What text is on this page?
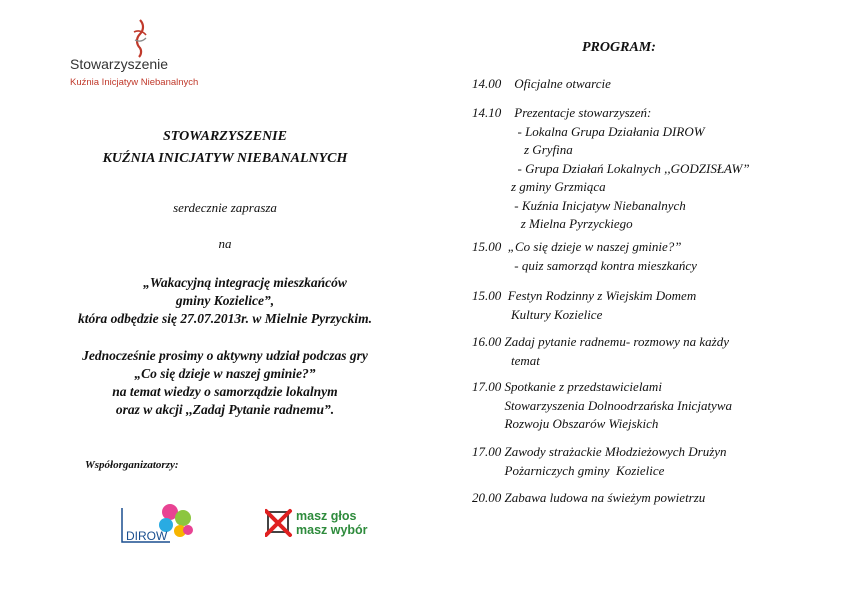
Stowarzyszenie
Kuźnia Inicjatyw Niebanalnych
STOWARZYSZENIE
KUŹNIA INICJATYW NIEBANALNYCH
serdecznie zaprasza
na
„Wakacyjną integrację mieszkańców
gminy Kozielice”,
która odbędzie się 27.07.2013r. w Mielnie Pyrzyckim.
Jednocześnie prosimy o aktywny udział podczas gry
„Co się dzieje w naszej gminie?”
na temat wiedzy o samorządzie lokalnym
oraz w akcji ,,Zadaj Pytanie radnemu”.
Współorganizatorzy:
DIROW
masz głos
masz wybór
PROGRAM:
14.00    Oficjalne otwarcie
14.10    Prezentacje stowarzyszeń:
- Lokalna Grupa Działania DIROW
z Gryfina
- Grupa Działań Lokalnych ,,GODZISŁAW”
z gminy Grzmiąca
- Kuźnia Inicjatyw Niebanalnych
z Mielna Pyrzyckiego
15.00  „Co się dzieje w naszej gminie?”
- quiz samorząd kontra mieszkańcy
15.00  Festyn Rodzinny z Wiejskim Domem
Kultury Kozielice
16.00 Zadaj pytanie radnemu- rozmowy na każdy
temat
17.00 Spotkanie z przedstawicielami
Stowarzyszenia Dolnoodrzańska Inicjatywa
Rozwoju Obszarów Wiejskich
17.00 Zawody strażackie Młodzieżowych Drużyn
Pożarniczych gminy  Kozielice
20.00 Zabawa ludowa na świeżym powietrzu
